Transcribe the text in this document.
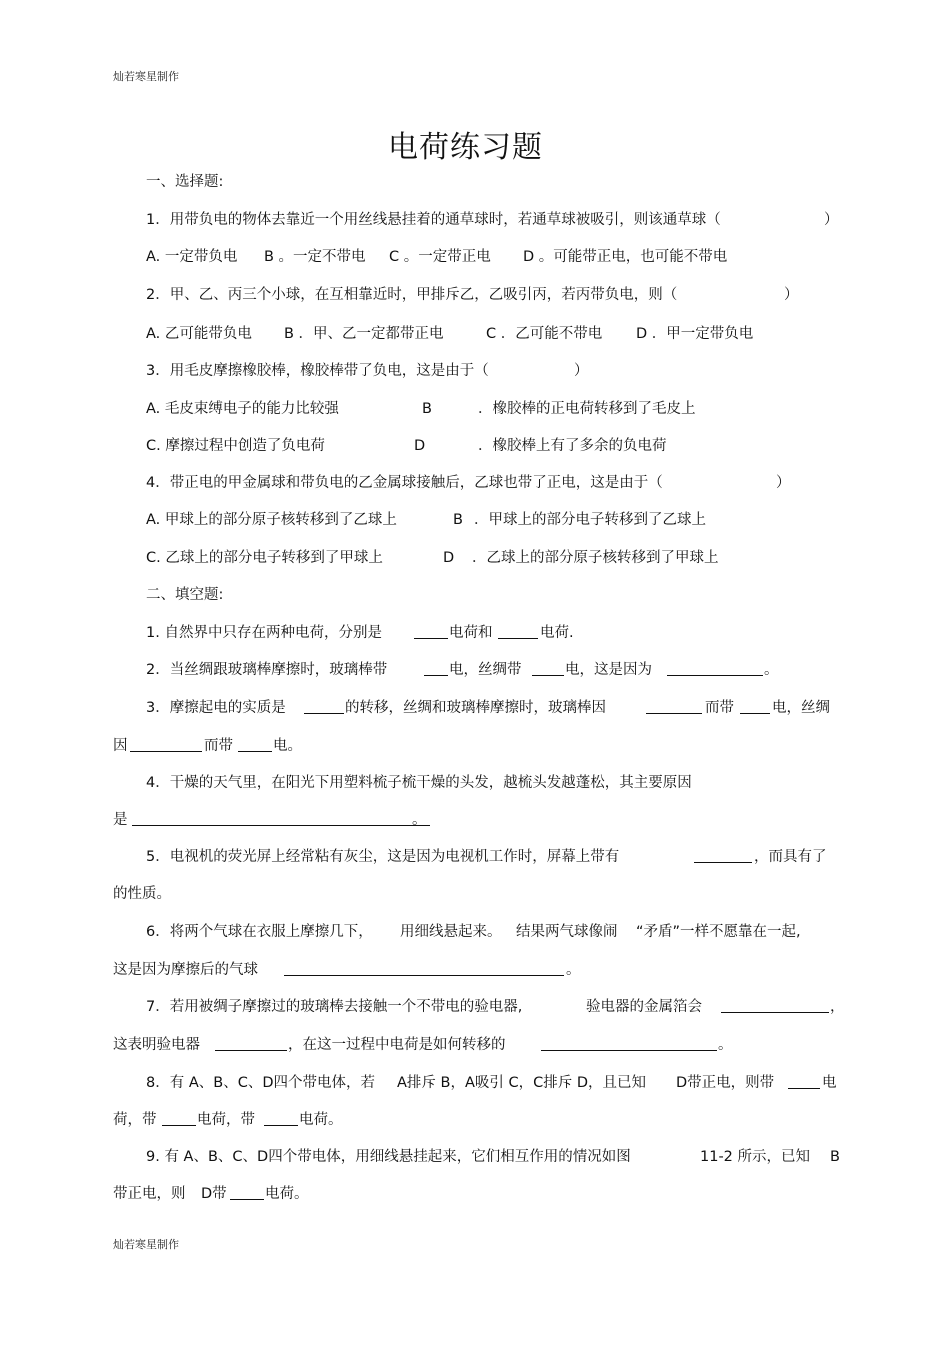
灿若寒星制作
灿若寒星制作
电荷练习题
一、选择题:
1．用带负电的物体去靠近一个用丝线悬挂着的通草球时，若通草球被吸引，则该通草球（	）
A. 一定带负电 B 。一定不带电 C 。一定带正电 D 。可能带正电，也可能不带电
2．甲、乙、丙三个小球，在互相靠近时，甲排斥乙，乙吸引丙，若丙带负电，则（	）
A. 乙可能带负电 B ．甲、乙一定都带正电	C ．乙可能不带电 D ．甲一定带负电
3．用毛皮摩擦橡胶棒，橡胶棒带了负电，这是由于（	）
A. 毛皮束缚电子的能力比较强	B	．橡胶棒的正电荷转移到了毛皮上
C. 摩擦过程中创造了负电荷	D	．橡胶棒上有了多余的负电荷
4．带正电的甲金属球和带负电的乙金属球接触后，乙球也带了正电，这是由于（	）
A. 甲球上的部分原子核转移到了乙球上	B ．甲球上的部分电子转移到了乙球上
C. 乙球上的部分电子转移到了甲球上	D ．乙球上的部分原子核转移到了甲球上
二、填空题:
1. 自然界中只存在两种电荷，分别是	电荷和	电荷.
2．当丝绸跟玻璃棒摩擦时，玻璃棒带	电，丝绸带	电，这是因为	。
3．摩擦起电的实质是	的转移，丝绸和玻璃棒摩擦时，玻璃棒因	而带	电，丝绸
因	而带	电。
4．干燥的天气里，在阳光下用塑料梳子梳干燥的头发，越梳头发越蓬松，其主要原因
是	。
5．电视机的荧光屏上经常粘有灰尘，这是因为电视机工作时，屏幕上带有	，而具有了
的性质。
6．将两个气球在衣服上摩擦几下， 用细线悬起来。 结果两气球像闹 “矛盾”一样不愿靠在一起,
这是因为摩擦后的气球	。
7．若用被绸子摩擦过的玻璃棒去接触一个不带电的验电器,	验电器的金属箔会	，
这表明验电器	，在这一过程中电荷是如何转移的	。
8．有 A、B、C、D四个带电体，若 A排斥 B，A吸引 C，C排斥 D，且已知 D带正电，则带	电
荷，带	电荷，带	电荷。
9. 有 A、B、C、D四个带电体，用细线悬挂起来，它们相互作用的情况如图	11-2 所示，已知 B
带正电，则 D带	电荷。
